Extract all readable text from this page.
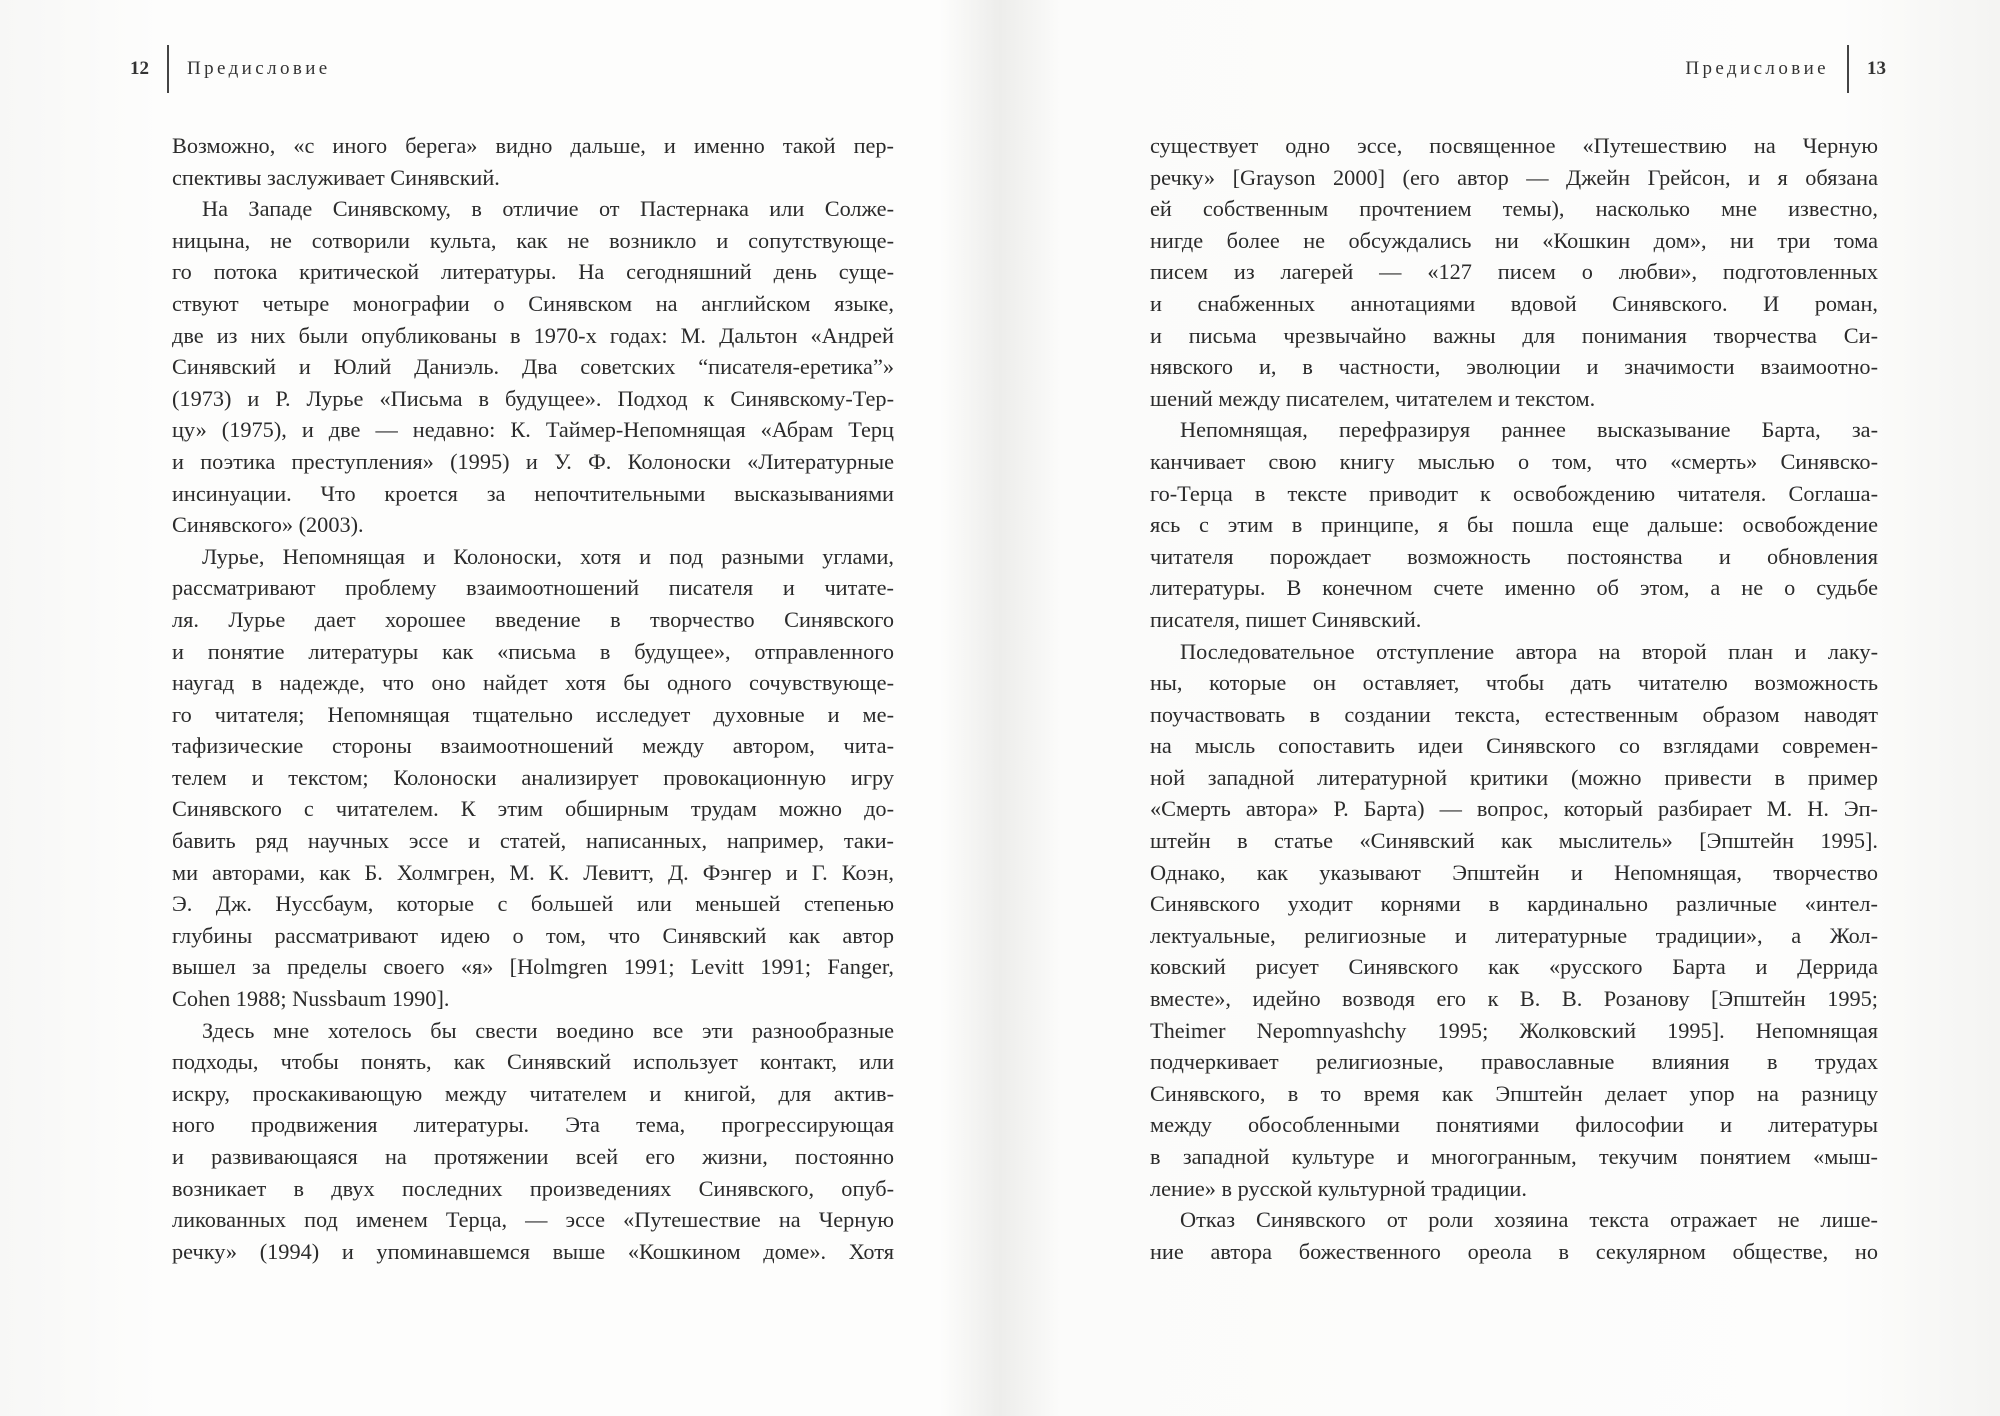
12 Предисловие	Предисловие 13
Возможно, «с иного берега» видно дальше, и именно такой пер-
спективы заслуживает Синявский.
На Западе Синявскому, в отличие от Пастернака или Солже-
ницына, не сотворили культа, как не возникло и сопутствующе-
го потока критической литературы. На сегодняшний день суще-
ствуют четыре монографии о Синявском на английском языке,
две из них были опубликованы в 1970-х годах: М. Дальтон «Андрей
Синявский и Юлий Даниэль. Два советских “писателя-еретика”»
(1973) и Р. Лурье «Письма в будущее». Подход к Синявскому-Тер-
цу» (1975), и две — недавно: К. Таймер-Непомнящая «Абрам Терц
и поэтика преступления» (1995) и У. Ф. Колоноски «Литературные
инсинуации. Что кроется за непочтительными высказываниями
Синявского» (2003).
Лурье, Непомнящая и Колоноски, хотя и под разными углами,
рассматривают проблему взаимоотношений писателя и читате-
ля. Лурье дает хорошее введение в творчество Синявского
и понятие литературы как «письма в будущее», отправленного
наугад в надежде, что оно найдет хотя бы одного сочувствующе-
го читателя; Непомнящая тщательно исследует духовные и ме-
тафизические стороны взаимоотношений между автором, чита-
телем и текстом; Колоноски анализирует провокационную игру
Синявского с читателем. К этим обширным трудам можно до-
бавить ряд научных эссе и статей, написанных, например, таки-
ми авторами, как Б. Холмгрен, М. К. Левитт, Д. Фэнгер и Г. Коэн,
Э. Дж. Нуссбаум, которые с большей или меньшей степенью
глубины рассматривают идею о том, что Синявский как автор
вышел за пределы своего «я» [Holmgren 1991; Levitt 1991; Fanger,
Cohen 1988; Nussbaum 1990].
Здесь мне хотелось бы свести воедино все эти разнообразные
подходы, чтобы понять, как Синявский использует контакт, или
искру, проскакивающую между читателем и книгой, для актив-
ного продвижения литературы. Эта тема, прогрессирующая
и развивающаяся на протяжении всей его жизни, постоянно
возникает в двух последних произведениях Синявского, опуб-
ликованных под именем Терца, — эссе «Путешествие на Черную
речку» (1994) и упоминавшемся выше «Кошкином доме». Хотя
существует одно эссе, посвященное «Путешествию на Черную
речку» [Grayson 2000] (его автор — Джейн Грейсон, и я обязана
ей собственным прочтением темы), насколько мне известно,
нигде более не обсуждались ни «Кошкин дом», ни три тома
писем из лагерей — «127 писем о любви», подготовленных
и снабженных аннотациями вдовой Синявского. И роман,
и письма чрезвычайно важны для понимания творчества Си-
нявского и, в частности, эволюции и значимости взаимоотно-
шений между писателем, читателем и текстом.
Непомнящая, перефразируя раннее высказывание Барта, за-
канчивает свою книгу мыслью о том, что «смерть» Синявско-
го-Терца в тексте приводит к освобождению читателя. Соглаша-
ясь с этим в принципе, я бы пошла еще дальше: освобождение
читателя порождает возможность постоянства и обновления
литературы. В конечном счете именно об этом, а не о судьбе
писателя, пишет Синявский.
Последовательное отступление автора на второй план и лаку-
ны, которые он оставляет, чтобы дать читателю возможность
поучаствовать в создании текста, естественным образом наводят
на мысль сопоставить идеи Синявского со взглядами современ-
ной западной литературной критики (можно привести в пример
«Смерть автора» Р. Барта) — вопрос, который разбирает М. Н. Эп-
штейн в статье «Синявский как мыслитель» [Эпштейн 1995].
Однако, как указывают Эпштейн и Непомнящая, творчество
Синявского уходит корнями в кардинально различные «интел-
лектуальные, религиозные и литературные традиции», а Жол-
ковский рисует Синявского как «русского Барта и Деррида
вместе», идейно возводя его к В. В. Розанову [Эпштейн 1995;
Theimer Nepomnyashchy 1995; Жолковский 1995]. Непомнящая
подчеркивает религиозные, православные влияния в трудах
Синявского, в то время как Эпштейн делает упор на разницу
между обособленными понятиями философии и литературы
в западной культуре и многогранным, текучим понятием «мыш-
ление» в русской культурной традиции.
Отказ Синявского от роли хозяина текста отражает не лише-
ние автора божественного ореола в секулярном обществе, но
